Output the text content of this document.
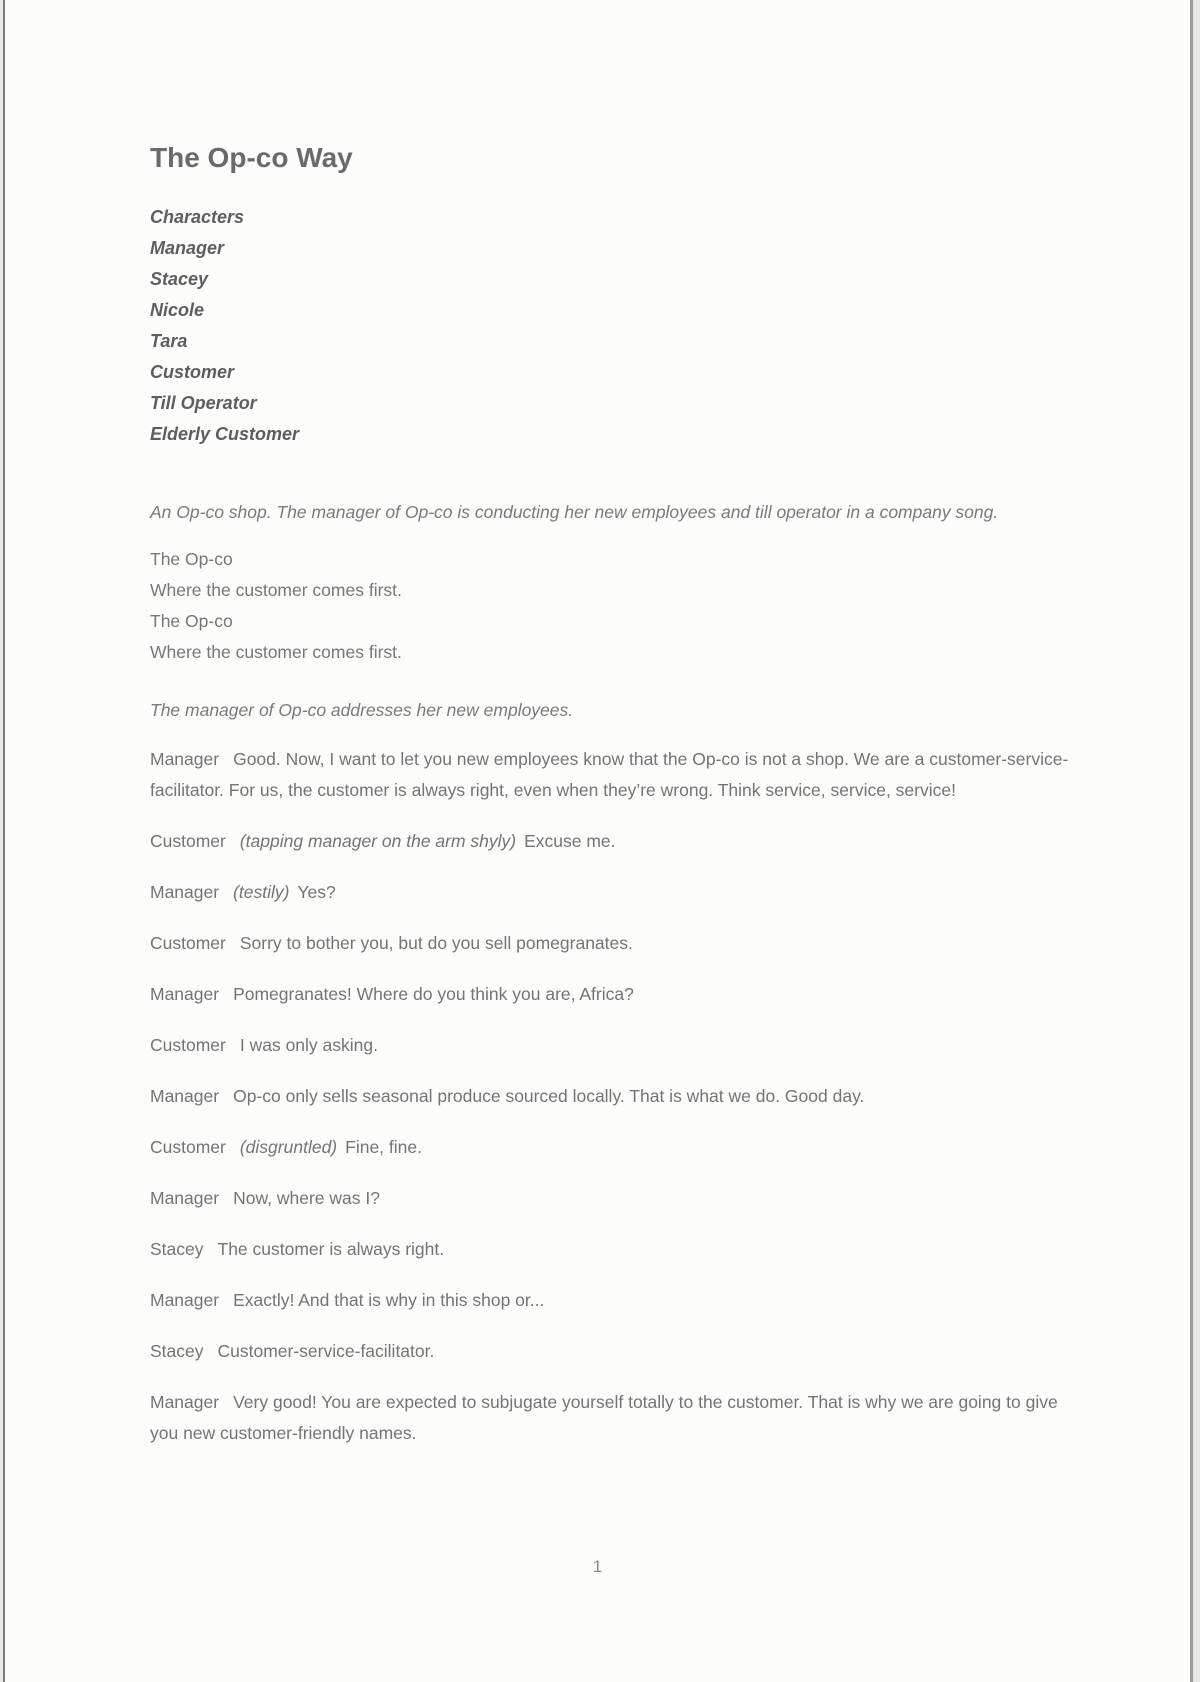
The Op-co Way
Characters
Manager
Stacey
Nicole
Tara
Customer
Till Operator
Elderly Customer

An Op-co shop. The manager of Op-co is conducting her new employees and till operator in a company song.

The Op-co
Where the customer comes first.
The Op-co
Where the customer comes first.

The manager of Op-co addresses her new employees.

Manager Good. Now, I want to let you new employees know that the Op-co is not a shop. We are a customer-service-facilitator. For us, the customer is always right, even when they’re wrong. Think service, service, service!

Customer (tapping manager on the arm shyly) Excuse me.

Manager (testily) Yes?

Customer Sorry to bother you, but do you sell pomegranates.

Manager Pomegranates! Where do you think you are, Africa?

Customer I was only asking.

Manager Op-co only sells seasonal produce sourced locally. That is what we do. Good day.

Customer (disgruntled) Fine, fine.

Manager Now, where was I?

Stacey The customer is always right.

Manager Exactly! And that is why in this shop or...

Stacey Customer-service-facilitator.

Manager Very good! You are expected to subjugate yourself totally to the customer. That is why we are going to give you new customer-friendly names.

1
